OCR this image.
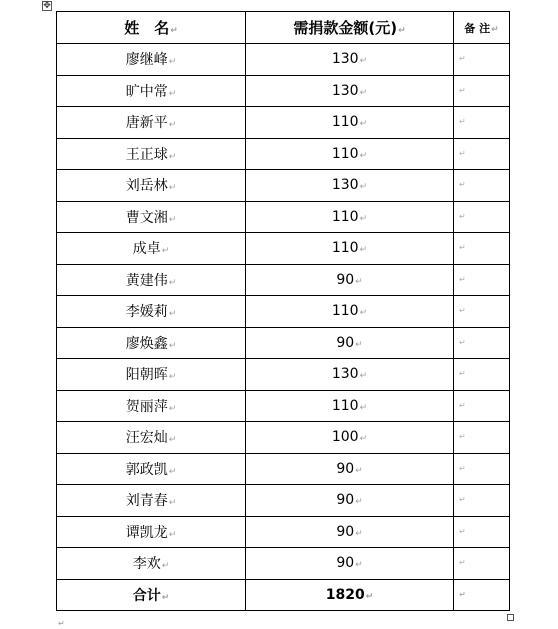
✥
姓　名↵	需捐款金额(元)↵	备 注↵
廖继峰↵	130↵	↵

旷中常↵	130↵	↵

唐新平↵	110↵	↵

王正球↵	110↵	↵

刘岳林↵	130↵	↵

曹文湘↵	110↵	↵

成卓↵	110↵	↵

黄建伟↵	90↵	↵

李媛莉↵	110↵	↵

廖焕鑫↵	90↵	↵

阳朝晖↵	130↵	↵

贺丽萍↵	110↵	↵

汪宏灿↵	100↵	↵

郭政凯↵	90↵	↵

刘青春↵	90↵	↵

谭凯龙↵	90↵	↵

李欢↵	90↵	↵

合计↵	1820↵	↵
↵
